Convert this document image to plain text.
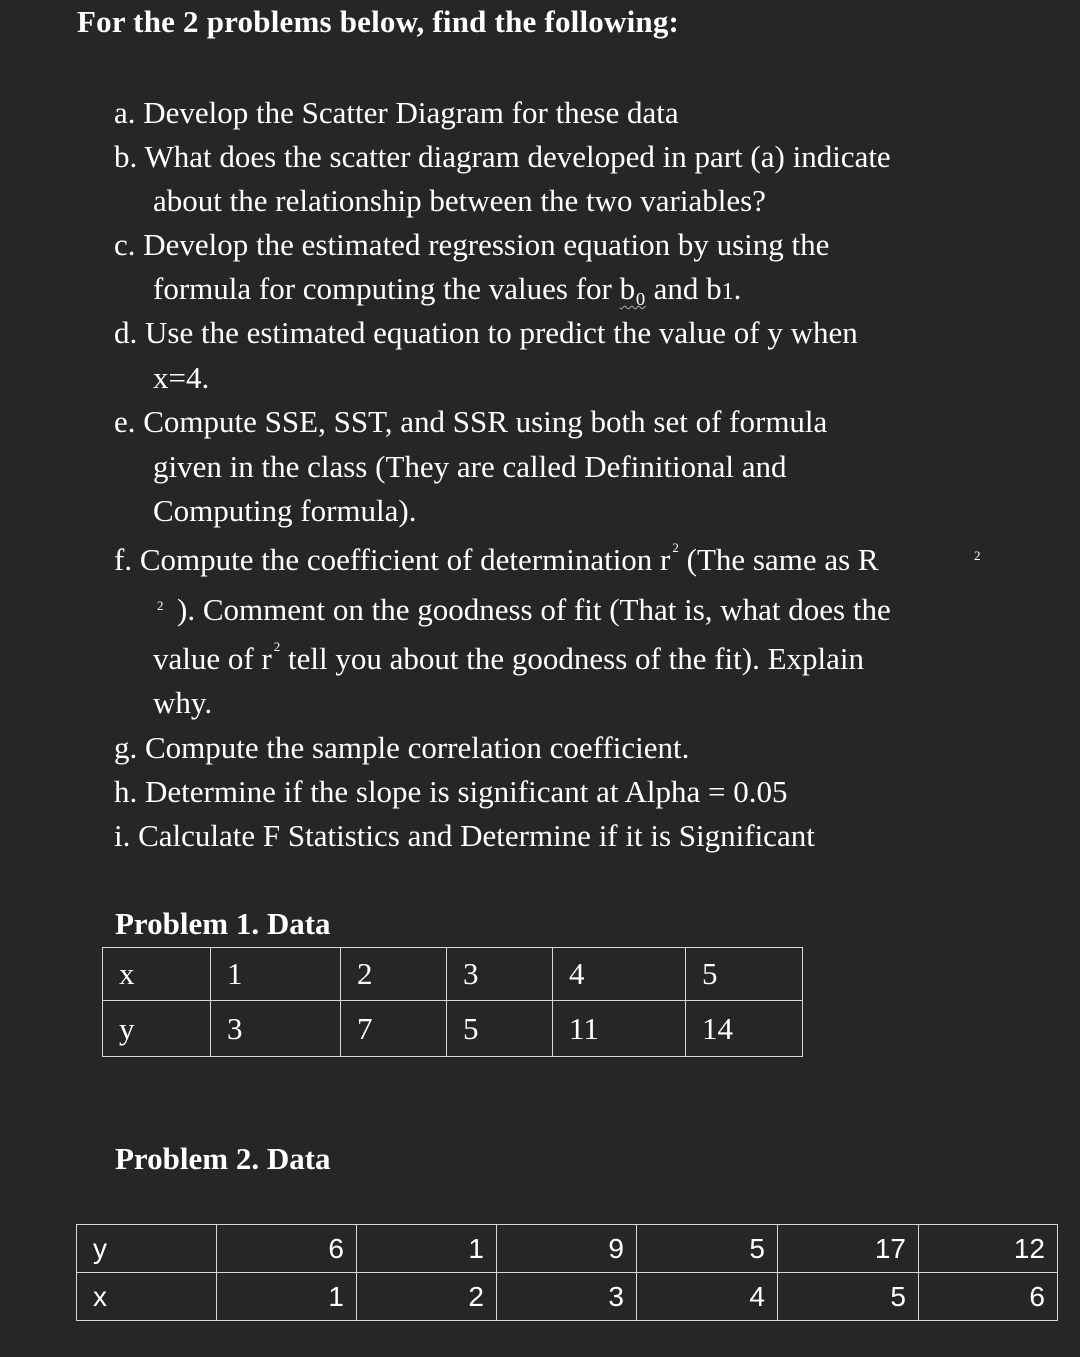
For the 2 problems below, find the following:
a. Develop the Scatter Diagram for these data
b. What does the scatter diagram developed in part (a) indicate
about the relationship between the two variables?
c. Develop the estimated regression equation by using the
formula for computing the values for b₀ and b1.
d. Use the estimated equation to predict the value of y when
x=4.
e. Compute SSE, SST, and SSR using both set of formula
given in the class (They are called Definitional and
Computing formula).
f. Compute the coefficient of determination r $^2$ (The same as R	2
2 ). Comment on the goodness of fit (That is, what does the
value of r $^2$ tell you about the goodness of the fit). Explain
why.
g. Compute the sample correlation coefficient.
h. Determine if the slope is significant at Alpha = 0.05
i. Calculate F Statistics and Determine if it is Significant
Problem 1. Data
x	1	2	3	4	5
y	3	7	5	11	14
Problem 2. Data
y	6	1	9	5	17	12
x	1	2	3	4	5	6
